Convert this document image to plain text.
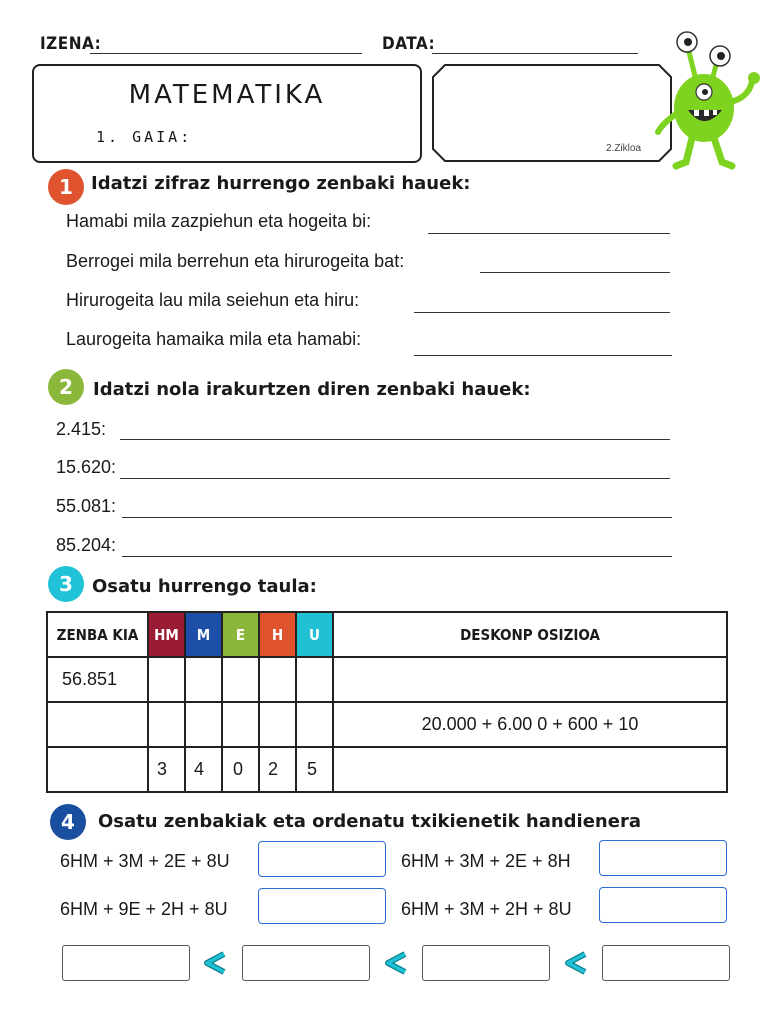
IZENA:	DATA:
MATEMATIKA
1. GAIA:
2.Zikloa
1 Idatzi zifraz hurrengo zenbaki hauek:
Hamabi mila zazpiehun eta hogeita bi:
Berrogei mila berrehun eta hirurogeita bat:
Hirurogeita lau mila seiehun eta hiru:
Laurogeita hamaika mila eta hamabi:
2 Idatzi nola irakurtzen diren zenbaki hauek:
2.415:
15.620:
55.081:
85.204:
3 Osatu hurrengo taula:
ZENBA KIA	HM	M	E	H	U	DESKONP OSIZIOA
56.851						
						20.000 + 6.00 0 + 600 + 10
	3	4	0	2	5	
4 Osatu zenbakiak eta ordenatu txikienetik handienera
6HM + 3M + 2E + 8U	6HM + 3M + 2E + 8H
6HM + 9E + 2H + 8U	6HM + 3M + 2H + 8U
